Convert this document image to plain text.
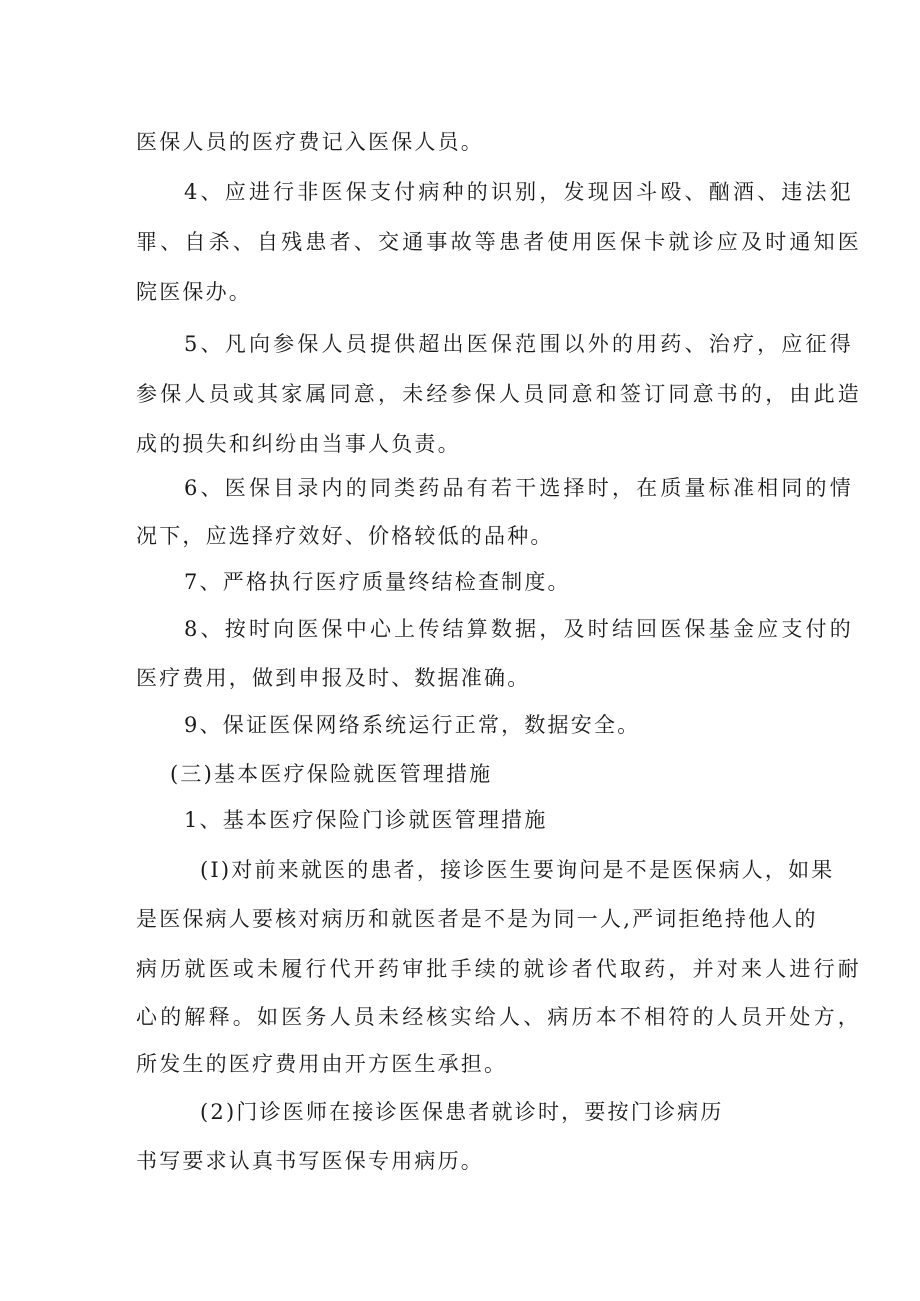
医保人员的医疗费记入医保人员。
4、应进行非医保支付病种的识别，发现因斗殴、酗酒、违法犯
罪、自杀、自残患者、交通事故等患者使用医保卡就诊应及时通知医
院医保办。
5、凡向参保人员提供超出医保范围以外的用药、治疗，应征得
参保人员或其家属同意，未经参保人员同意和签订同意书的，由此造
成的损失和纠纷由当事人负责。
6、医保目录内的同类药品有若干选择时，在质量标准相同的情
况下，应选择疗效好、价格较低的品种。
7、严格执行医疗质量终结检查制度。
8、按时向医保中心上传结算数据，及时结回医保基金应支付的
医疗费用，做到申报及时、数据准确。
9、保证医保网络系统运行正常，数据安全。
(三)基本医疗保险就医管理措施
1、基本医疗保险门诊就医管理措施
(I)对前来就医的患者，接诊医生要询问是不是医保病人，如果
是医保病人要核对病历和就医者是不是为同一人,严词拒绝持他人的
病历就医或未履行代开药审批手续的就诊者代取药，并对来人进行耐
心的解释。如医务人员未经核实给人、病历本不相符的人员开处方，
所发生的医疗费用由开方医生承担。
(2)门诊医师在接诊医保患者就诊时，要按门诊病历
书写要求认真书写医保专用病历。
